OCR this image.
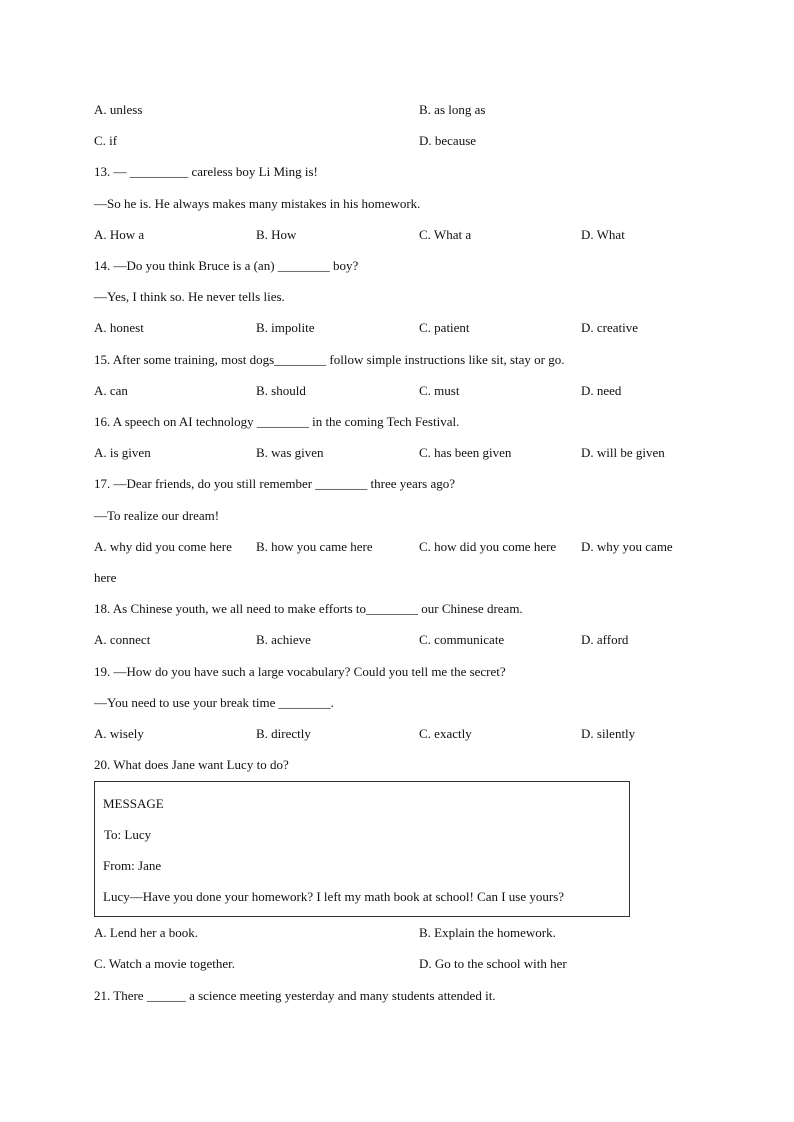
A. unless	B. as long as
C. if	D. because
13. — _________ careless boy Li Ming is!
—So he is. He always makes many mistakes in his homework.
A. How a	B. How	C. What a	D. What
14. —Do you think Bruce is a (an) ________ boy?
—Yes, I think so. He never tells lies.
A. honest	B. impolite	C. patient	D. creative
15. After some training, most dogs________ follow simple instructions like sit, stay or go.
A. can	B. should	C. must	D. need
16. A speech on AI technology ________ in the coming Tech Festival.
A. is given	B. was given	C. has been given	D. will be given
17. —Dear friends, do you still remember ________ three years ago?
—To realize our dream!
A. why did you come here B. how you came here	C. how did you come here D. why you came
here
18. As Chinese youth, we all need to make efforts to________ our Chinese dream.
A. connect	B. achieve	C. communicate	D. afford
19. —How do you have such a large vocabulary? Could you tell me the secret?
—You need to use your break time ________.
A. wisely	B. directly	C. exactly	D. silently
20. What does Jane want Lucy to do?
MESSAGE
To: Lucy
From: Jane
Lucy—Have you done your homework? I left my math book at school! Can I use yours?
A. Lend her a book.	B. Explain the homework.
C. Watch a movie together.	D. Go to the school with her
21. There ______ a science meeting yesterday and many students attended it.
